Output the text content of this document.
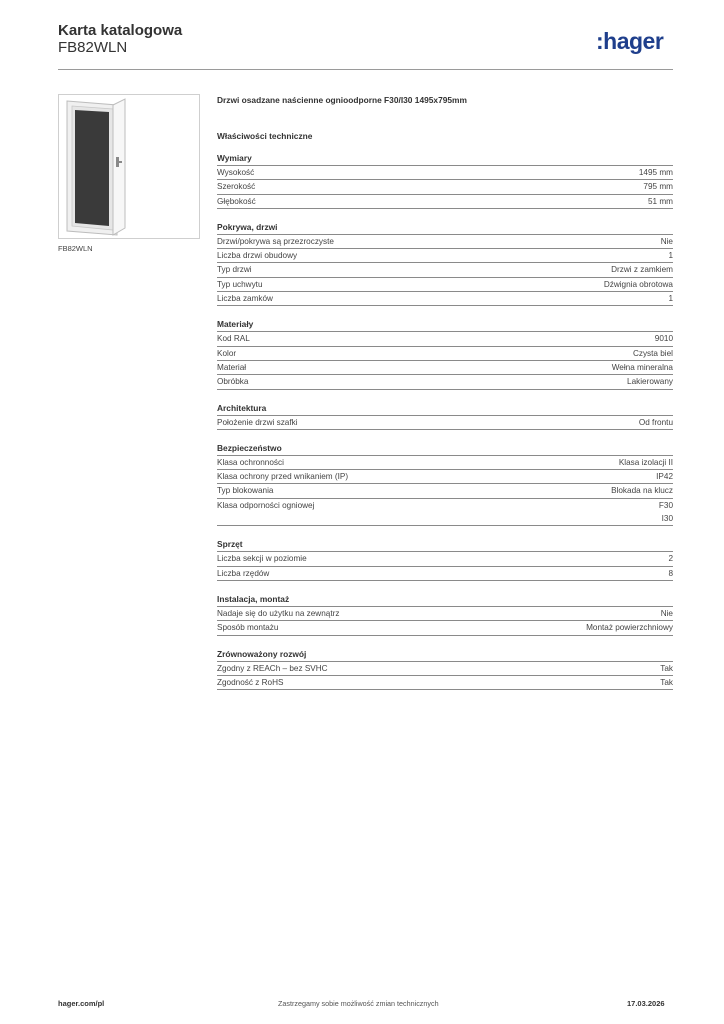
Karta katalogowa
FB82WLN	:hager
FB82WLN
Drzwi osadzane naścienne ognioodporne F30/I30 1495x795mm
Właściwości techniczne
Wymiary
Wysokość	1495 mm
Szerokość	795 mm
Głębokość	51 mm
Pokrywa, drzwi
Drzwi/pokrywa są przezroczyste	Nie
Liczba drzwi obudowy	1
Typ drzwi	Drzwi z zamkiem
Typ uchwytu	Dźwignia obrotowa
Liczba zamków	1
Materiały
Kod RAL	9010
Kolor	Czysta biel
Materiał	Wełna mineralna
Obróbka	Lakierowany
Architektura
Położenie drzwi szafki	Od frontu
Bezpieczeństwo
Klasa ochronności	Klasa izolacji II
Klasa ochrony przed wnikaniem (IP)	IP42
Typ blokowania	Blokada na klucz
Klasa odporności ogniowej	F30
I30
Sprzęt
Liczba sekcji w poziomie	2
Liczba rzędów	8
Instalacja, montaż
Nadaje się do użytku na zewnątrz	Nie
Sposób montażu	Montaż powierzchniowy
Zrównoważony rozwój
Zgodny z REACh – bez SVHC	Tak
Zgodność z RoHS	Tak
hager.com/pl	Zastrzegamy sobie możliwość zmian technicznych	17.03.2026
